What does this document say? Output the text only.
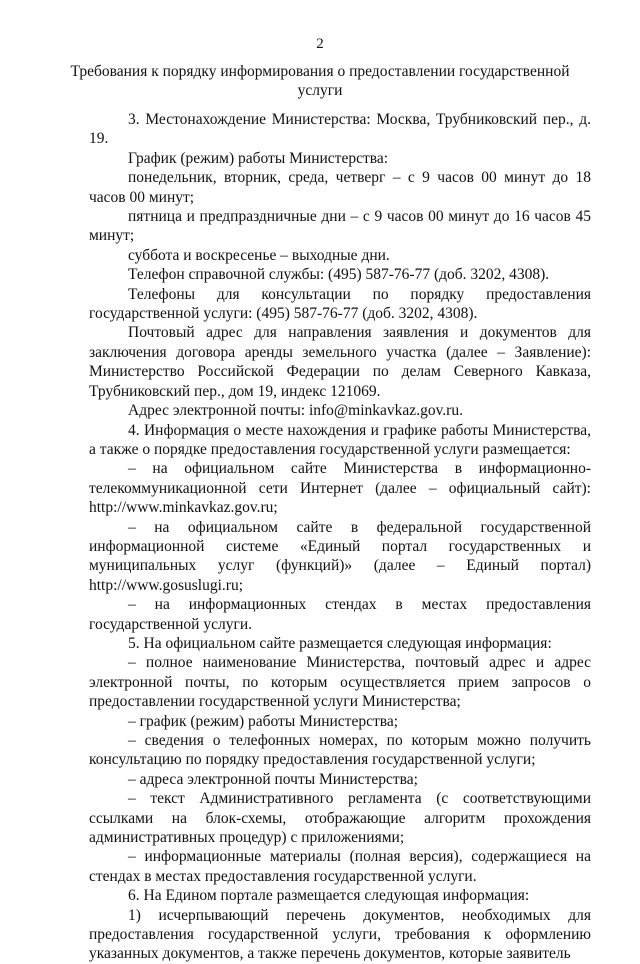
2
Требования к порядку информирования о предоставлении государственной услуги

3. Местонахождение Министерства: Москва, Трубниковский пер., д. 19.

График (режим) работы Министерства:

понедельник, вторник, среда, четверг – с 9 часов 00 минут до 18 часов 00 минут;

пятница и предпраздничные дни – с 9 часов 00 минут до 16 часов 45 минут;

суббота и воскресенье – выходные дни.

Телефон справочной службы: (495) 587-76-77 (доб. 3202, 4308).

Телефоны для консультации по порядку предоставления государственной услуги: (495) 587-76-77 (доб. 3202, 4308).

Почтовый адрес для направления заявления и документов для заключения договора аренды земельного участка (далее – Заявление): Министерство Российской Федерации по делам Северного Кавказа, Трубниковский пер., дом 19, индекс 121069.

Адрес электронной почты: info@minkavkaz.gov.ru.

4. Информация о месте нахождения и графике работы Министерства, а также о порядке предоставления государственной услуги размещается:

– на официальном сайте Министерства в информационно-телекоммуникационной сети Интернет (далее – официальный сайт): http://www.minkavkaz.gov.ru;

– на официальном сайте в федеральной государственной информационной системе «Единый портал государственных и муниципальных услуг (функций)» (далее – Единый портал) http://www.gosuslugi.ru;

– на информационных стендах в местах предоставления государственной услуги.

5. На официальном сайте размещается следующая информация:

– полное наименование Министерства, почтовый адрес и адрес электронной почты, по которым осуществляется прием запросов о предоставлении государственной услуги Министерства;

– график (режим) работы Министерства;

– сведения о телефонных номерах, по которым можно получить консультацию по порядку предоставления государственной услуги;

– адреса электронной почты Министерства;

– текст Административного регламента (с соответствующими ссылками на блок-схемы, отображающие алгоритм прохождения административных процедур) с приложениями;

– информационные материалы (полная версия), содержащиеся на стендах в местах предоставления государственной услуги.

6. На Едином портале размещается следующая информация:

1) исчерпывающий перечень документов, необходимых для предоставления государственной услуги, требования к оформлению указанных документов, а также перечень документов, которые заявитель
